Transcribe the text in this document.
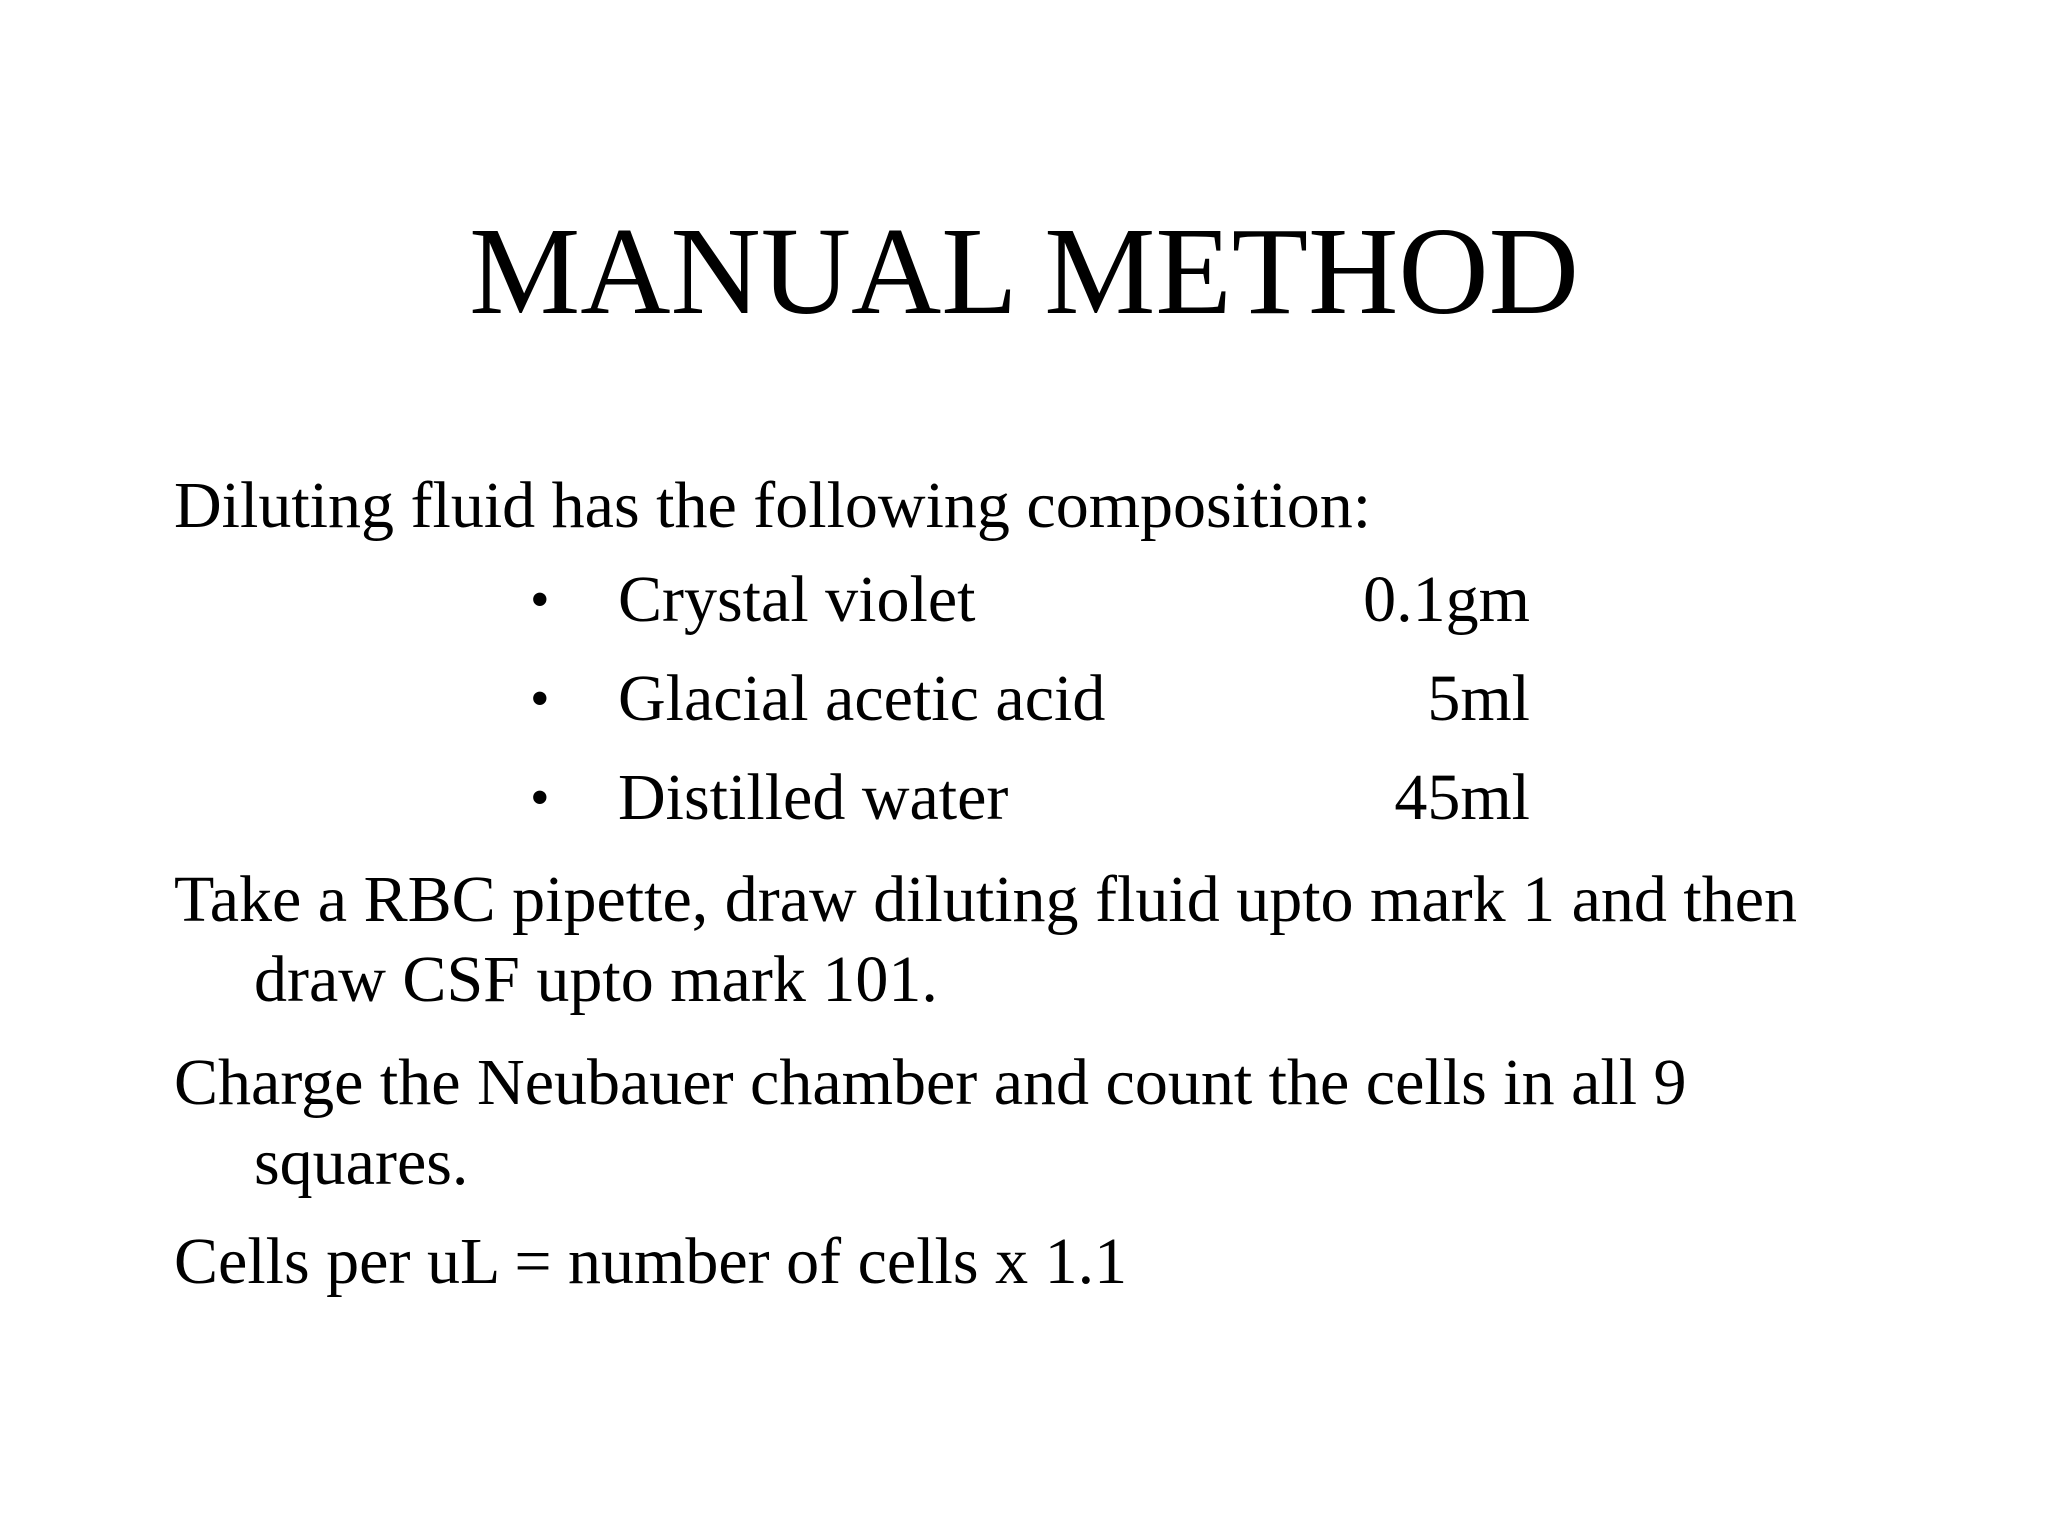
MANUAL METHOD
Diluting fluid has the following composition:
•	Crystal violet	0.1gm
•	Glacial acetic acid	5ml
•	Distilled water	45ml
Take a RBC pipette, draw diluting fluid upto mark 1 and then
draw CSF upto mark 101.
Charge the Neubauer chamber and count the cells in all 9
squares.
Cells per uL = number of cells x 1.1
